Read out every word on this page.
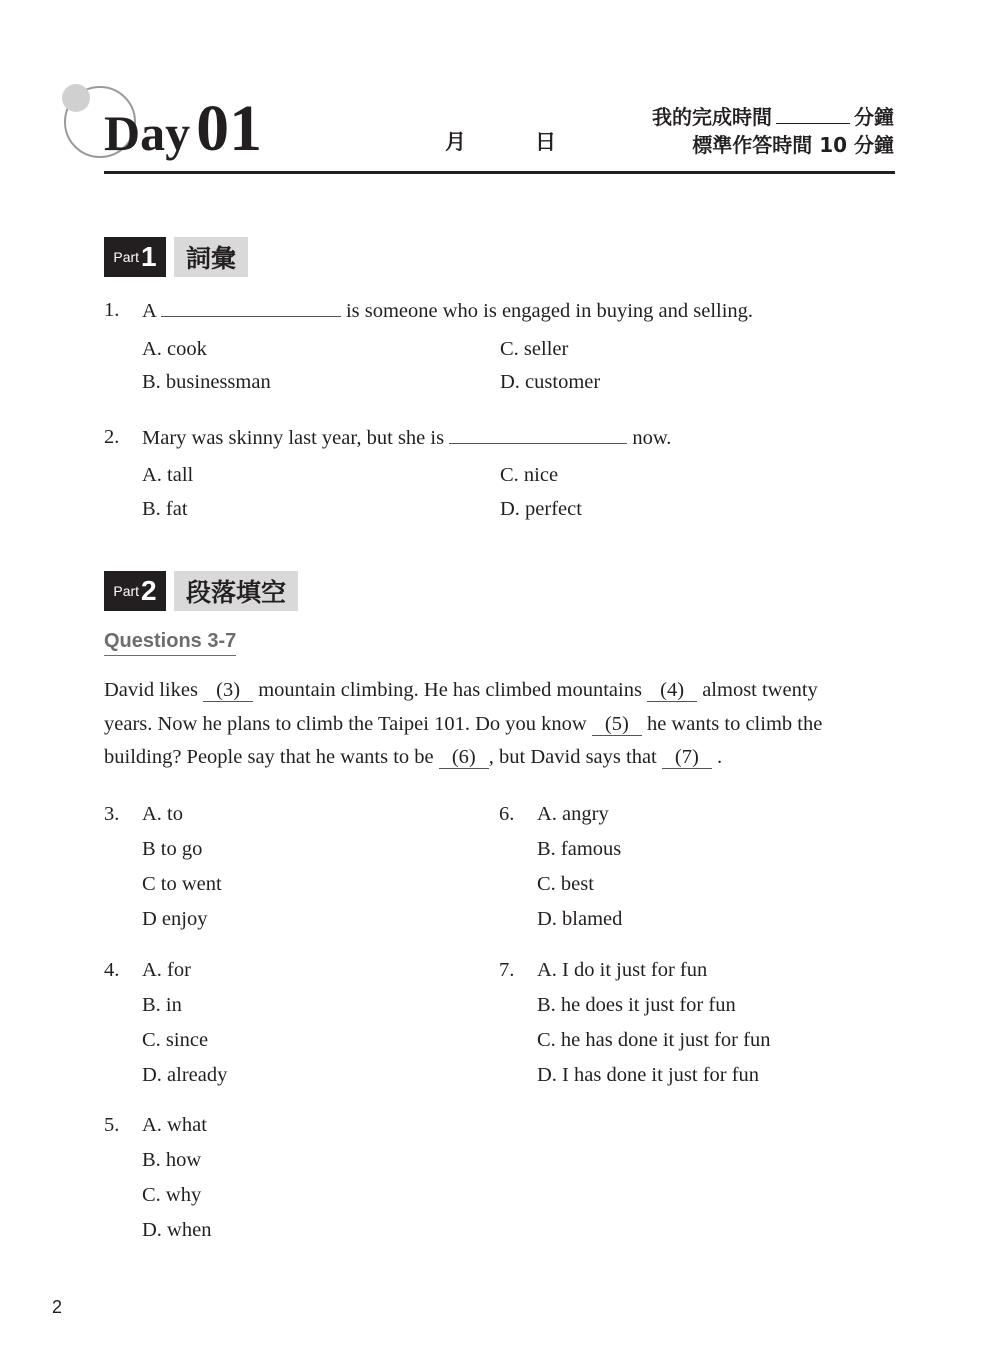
Day01	月	日
我的完成時間	分鐘
標準作答時間 10 分鐘
Part 1	詞彙
1. A	is someone who is engaged in buying and selling.
A. cook
B. businessman
C. seller
D. customer
2. Mary was skinny last year, but she is	now.
A. tall
B. fat
C. nice
D. perfect
Part 2	段落填空
Questions 3-7
David likes (3) mountain climbing. He has climbed mountains (4) almost twenty
years. Now he plans to climb the Taipei 101. Do you know (5) he wants to climb the
building? People say that he wants to be (6) , but David says that (7) .
3. A. to
B to go
C to went
D enjoy
4. A. for
B. in
C. since
D. already
5. A. what
B. how
C. why
D. when
6. A. angry
B. famous
C. best
D. blamed
7. A. I do it just for fun
B. he does it just for fun
C. he has done it just for fun
D. I has done it just for fun
2
